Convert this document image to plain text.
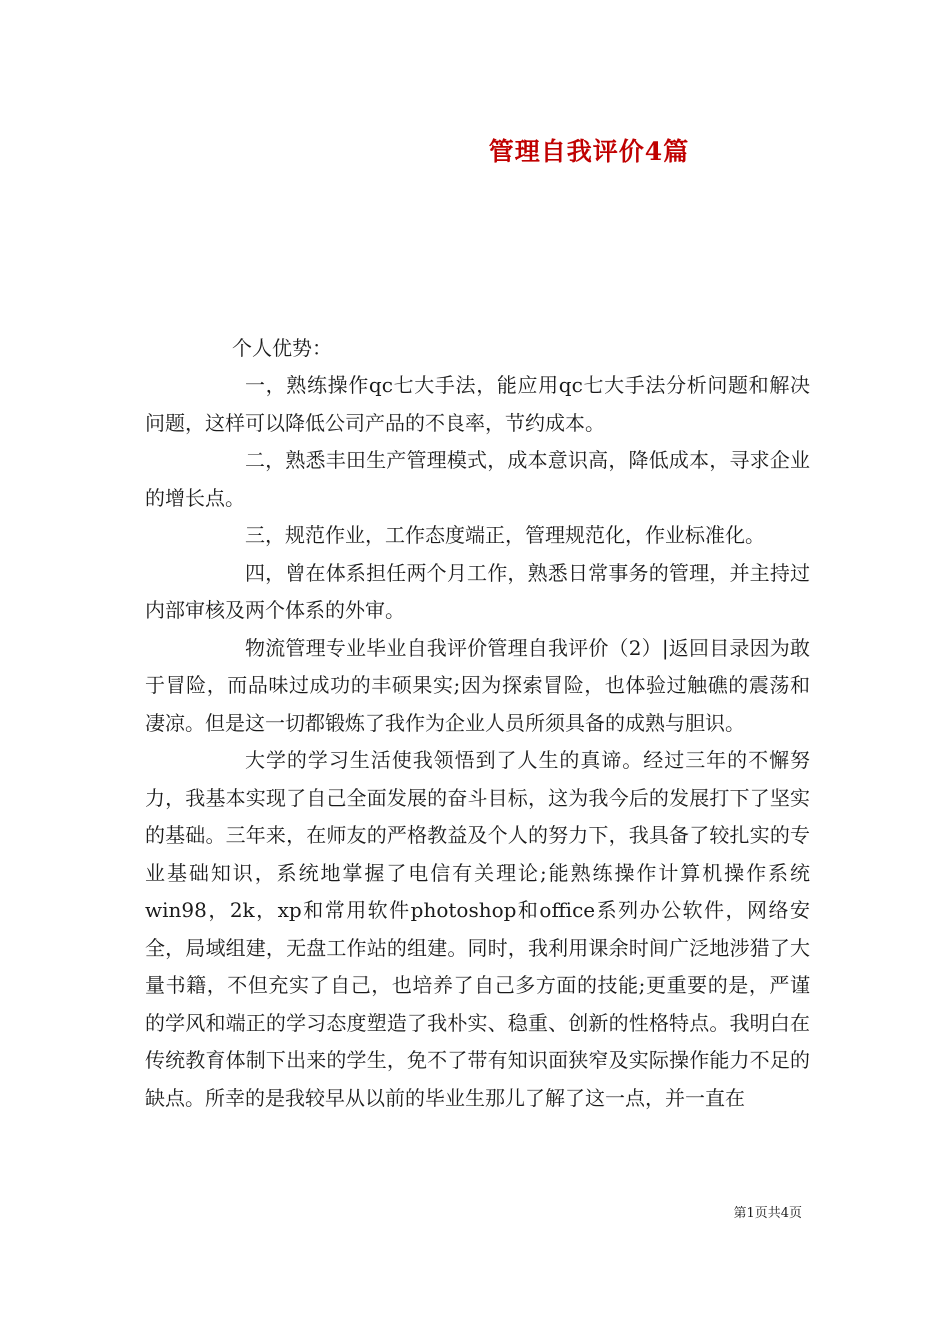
管理自我评价4篇
个人优势：

一，熟练操作qc七大手法，能应用qc七大手法分析问题和解决问题，这样可以降低公司产品的不良率，节约成本。

二，熟悉丰田生产管理模式，成本意识高，降低成本，寻求企业的增长点。

三，规范作业，工作态度端正，管理规范化，作业标准化。

四，曾在体系担任两个月工作，熟悉日常事务的管理，并主持过内部审核及两个体系的外审。

物流管理专业毕业自我评价管理自我评价（2）|返回目录因为敢于冒险，而品味过成功的丰硕果实;因为探索冒险，也体验过触礁的震荡和凄凉。但是这一切都锻炼了我作为企业人员所须具备的成熟与胆识。

大学的学习生活使我领悟到了人生的真谛。经过三年的不懈努力，我基本实现了自己全面发展的奋斗目标，这为我今后的发展打下了坚实的基础。三年来，在师友的严格教益及个人的努力下，我具备了较扎实的专业基础知识，系统地掌握了电信有关理论;能熟练操作计算机操作系统win98，2k，xp和常用软件photoshop和office系列办公软件，网络安全，局域组建，无盘工作站的组建。同时，我利用课余时间广泛地涉猎了大量书籍，不但充实了自己，也培养了自己多方面的技能;更重要的是，严谨的学风和端正的学习态度塑造了我朴实、稳重、创新的性格特点。我明白在传统教育体制下出来的学生，免不了带有知识面狭窄及实际操作能力不足的缺点。所幸的是我较早从以前的毕业生那儿了解了这一点，并一直在

第1页共4页
